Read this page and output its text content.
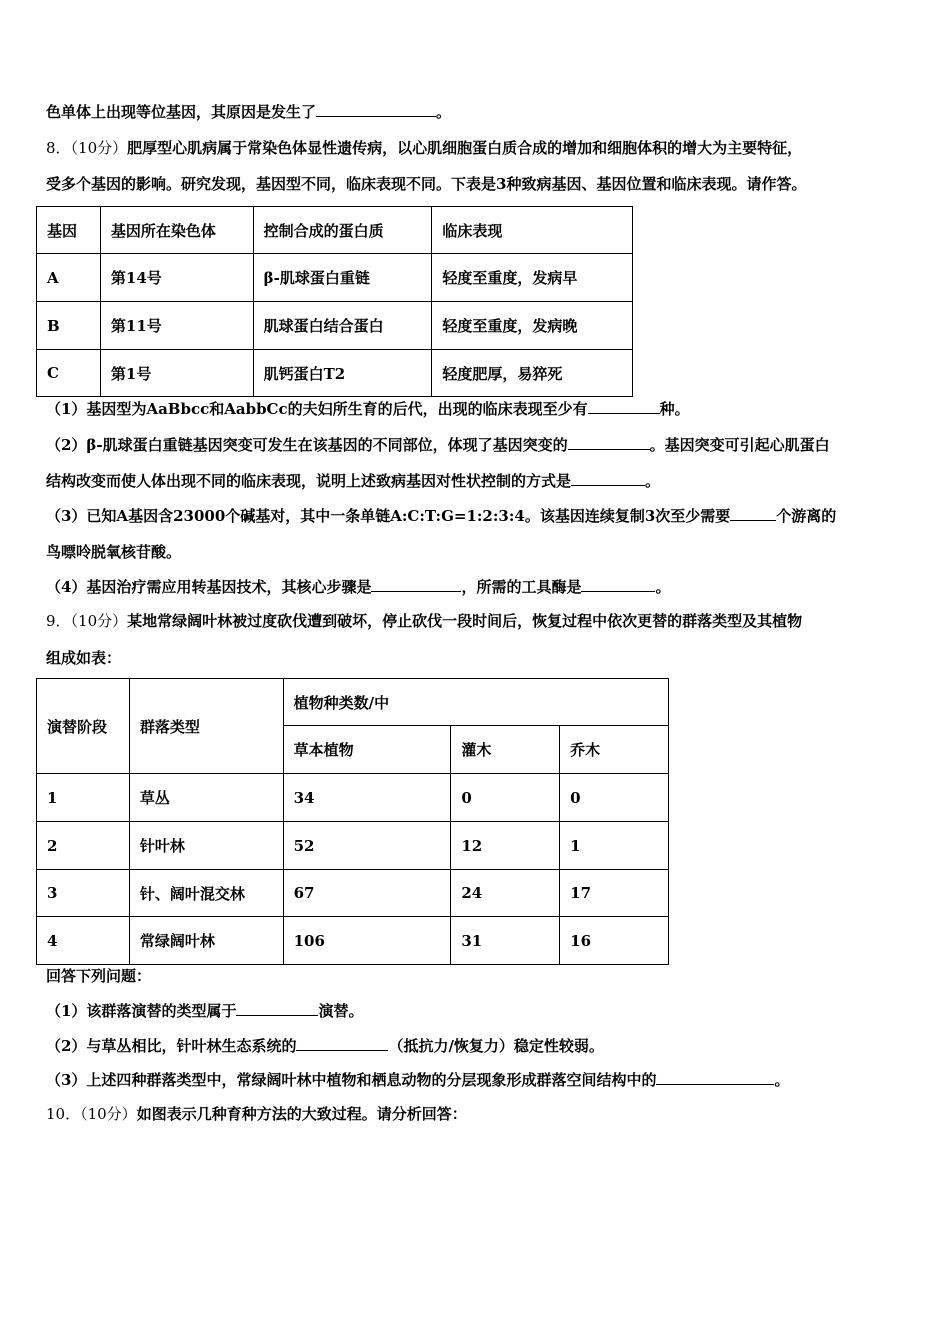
色单体上出现等位基因，其原因是发生了	。
8．（10分）肥厚型心肌病属于常染色体显性遗传病，以心肌细胞蛋白质合成的增加和细胞体积的增大为主要特征，
受多个基因的影响。研究发现，基因型不同，临床表现不同。下表是3种致病基因、基因位置和临床表现。请作答。
基因	基因所在染色体	控制合成的蛋白质	临床表现
A	第14号	β-肌球蛋白重链	轻度至重度，发病早
B	第11号	肌球蛋白结合蛋白	轻度至重度，发病晚
C	第1号	肌钙蛋白T2	轻度肥厚，易猝死
（1）基因型为AaBbcc和AabbCc的夫妇所生育的后代，出现的临床表现至少有	种。
（2）β-肌球蛋白重链基因突变可发生在该基因的不同部位，体现了基因突变的	。基因突变可引起心肌蛋白
结构改变而使人体出现不同的临床表现，说明上述致病基因对性状控制的方式是	。
（3）已知A基因含23000个碱基对，其中一条单链A:C:T:G=1:2:3:4。该基因连续复制3次至少需要	个游离的
鸟嘌呤脱氧核苷酸。
（4）基因治疗需应用转基因技术，其核心步骤是	，所需的工具酶是	。
9．（10分）某地常绿阔叶林被过度砍伐遭到破坏，停止砍伐一段时间后，恢复过程中依次更替的群落类型及其植物
组成如表：
演替阶段	群落类型	植物种类数/中		
		草本植物	灌木	乔木
1	草丛	34	0	0
2	针叶林	52	12	1
3	针、阔叶混交林	67	24	17
4	常绿阔叶林	106	31	16
回答下列问题：
（1）该群落演替的类型属于	演替。
（2）与草丛相比，针叶林生态系统的	（抵抗力/恢复力）稳定性较弱。
（3）上述四种群落类型中，常绿阔叶林中植物和栖息动物的分层现象形成群落空间结构中的	。
10．（10分）如图表示几种育种方法的大致过程。请分析回答：
